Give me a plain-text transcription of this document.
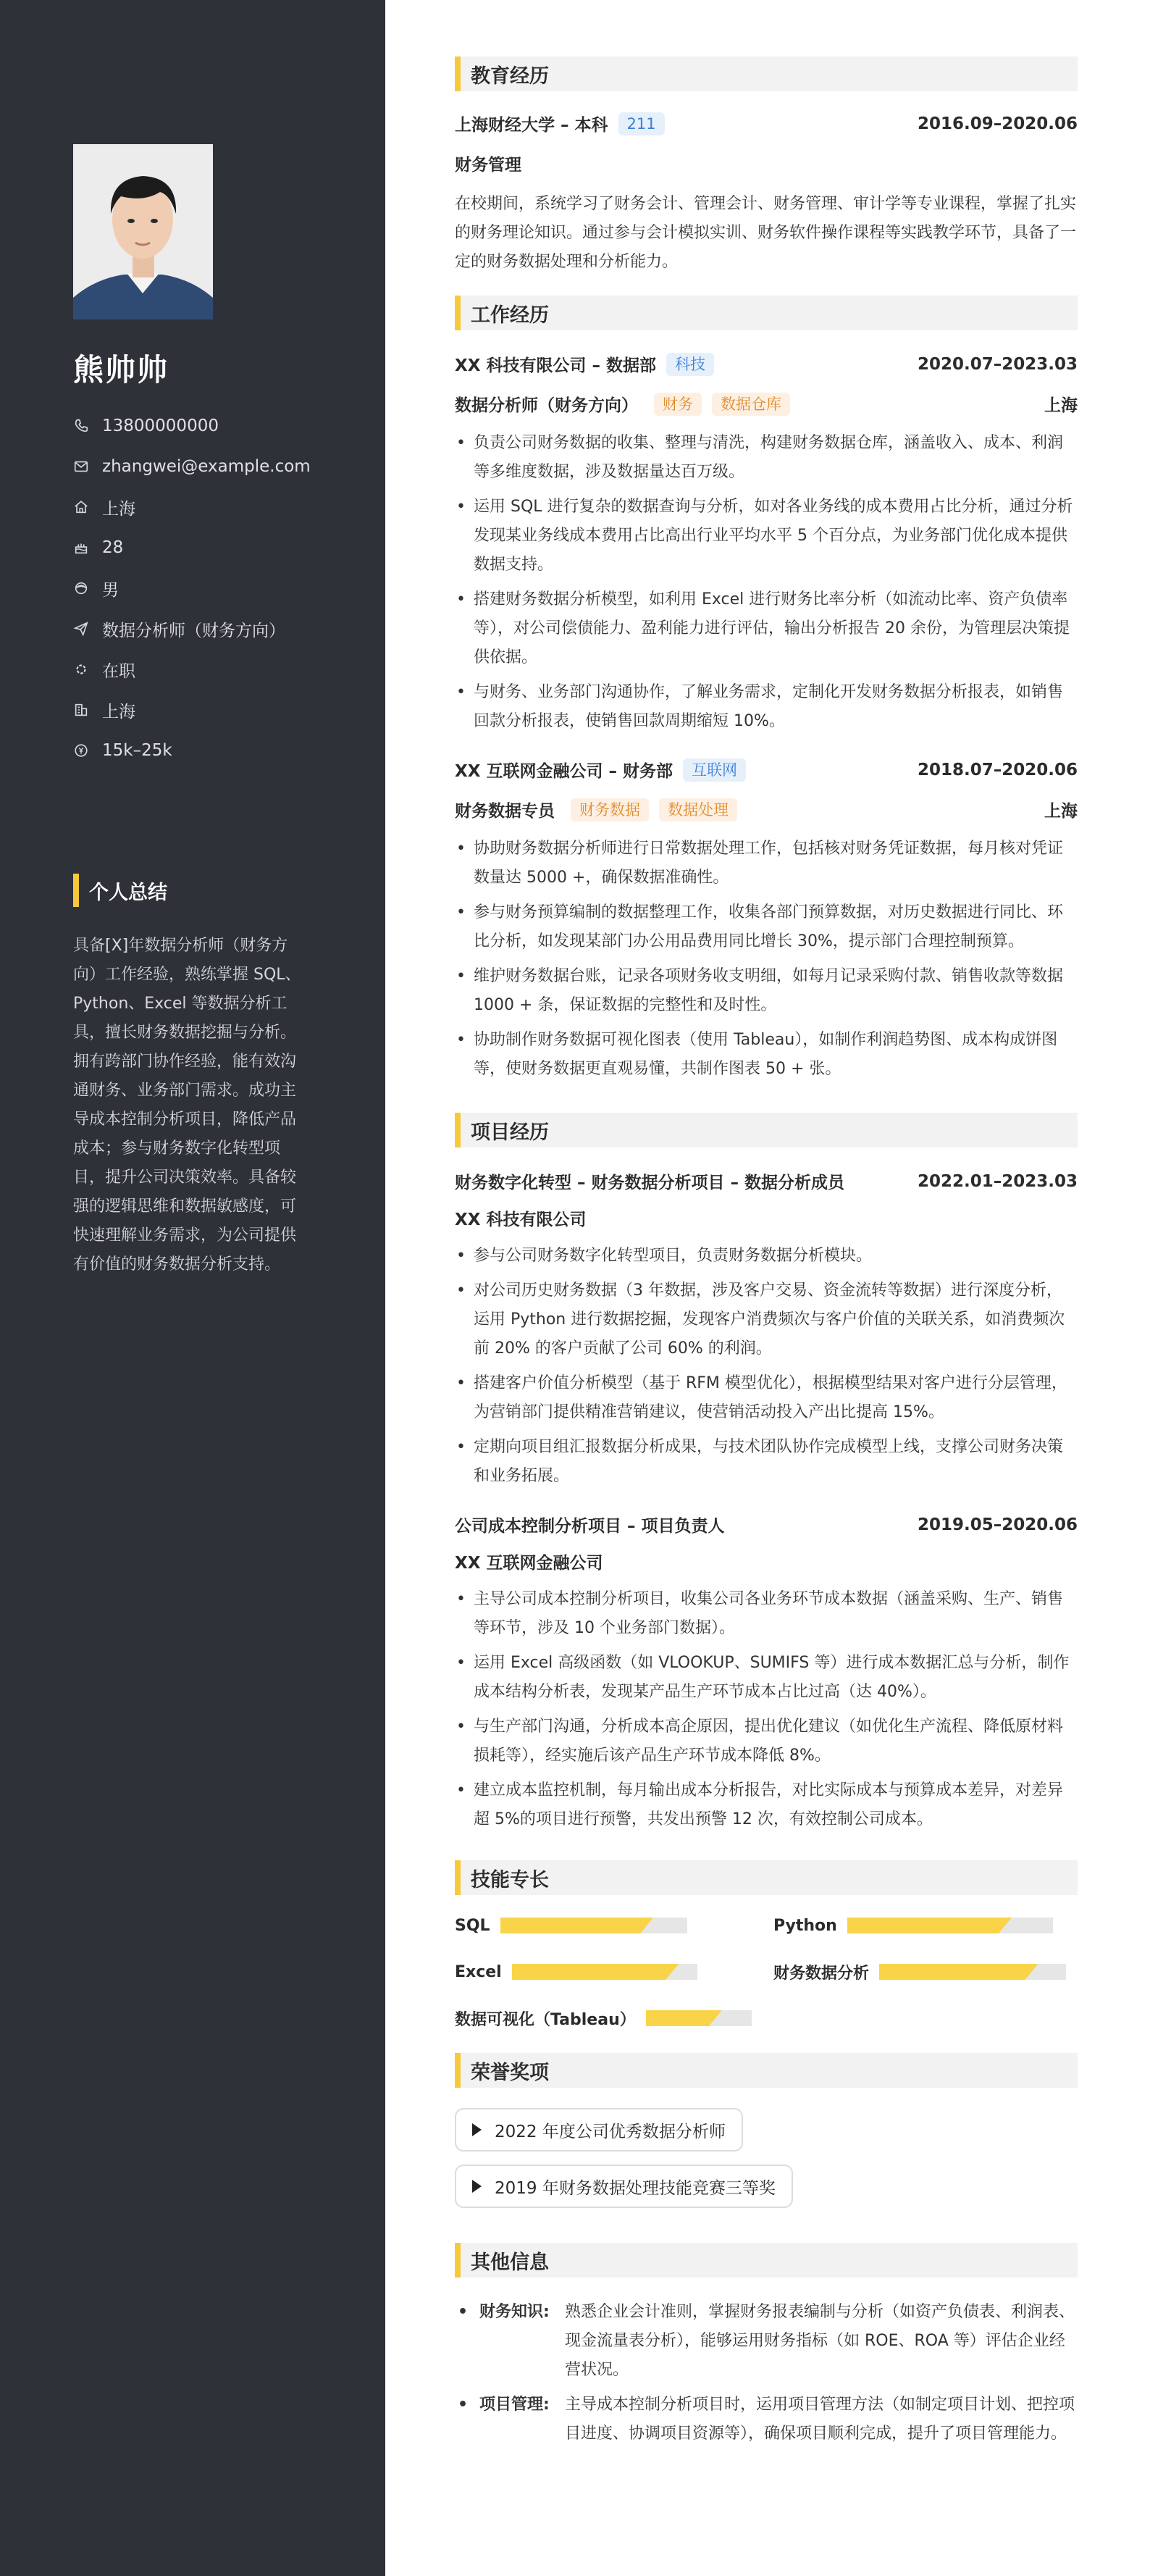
熊帅帅
13800000000
zhangwei@example.com
上海
28
男
数据分析师（财务方向）
在职
上海
15k–25k
个人总结
具备[X]年数据分析师（财务方向）工作经验，熟练掌握 SQL、Python、Excel 等数据分析工具，擅长财务数据挖掘与分析。拥有跨部门协作经验，能有效沟通财务、业务部门需求。成功主导成本控制分析项目，降低产品成本；参与财务数字化转型项目，提升公司决策效率。具备较强的逻辑思维和数据敏感度，可快速理解业务需求，为公司提供有价值的财务数据分析支持。
教育经历
上海财经大学 – 本科	211	2016.09–2020.06
财务管理
在校期间，系统学习了财务会计、管理会计、财务管理、审计学等专业课程，掌握了扎实的财务理论知识。通过参与会计模拟实训、财务软件操作课程等实践教学环节，具备了一定的财务数据处理和分析能力。
工作经历
XX 科技有限公司 – 数据部	科技	2020.07–2023.03
数据分析师（财务方向）	财务	数据仓库	上海
• 负责公司财务数据的收集、整理与清洗，构建财务数据仓库，涵盖收入、成本、利润等多维度数据，涉及数据量达百万级。
• 运用 SQL 进行复杂的数据查询与分析，如对各业务线的成本费用占比分析，通过分析发现某业务线成本费用占比高出行业平均水平 5 个百分点，为业务部门优化成本提供数据支持。
• 搭建财务数据分析模型，如利用 Excel 进行财务比率分析（如流动比率、资产负债率等），对公司偿债能力、盈利能力进行评估，输出分析报告 20 余份，为管理层决策提供依据。
• 与财务、业务部门沟通协作，了解业务需求，定制化开发财务数据分析报表，如销售回款分析报表，使销售回款周期缩短 10%。
XX 互联网金融公司 – 财务部	互联网	2018.07–2020.06
财务数据专员	财务数据	数据处理	上海
• 协助财务数据分析师进行日常数据处理工作，包括核对财务凭证数据，每月核对凭证数量达 5000 +，确保数据准确性。
• 参与财务预算编制的数据整理工作，收集各部门预算数据，对历史数据进行同比、环比分析，如发现某部门办公用品费用同比增长 30%，提示部门合理控制预算。
• 维护财务数据台账，记录各项财务收支明细，如每月记录采购付款、销售收款等数据 1000 + 条，保证数据的完整性和及时性。
• 协助制作财务数据可视化图表（使用 Tableau），如制作利润趋势图、成本构成饼图等，使财务数据更直观易懂，共制作图表 50 + 张。
项目经历
财务数字化转型 – 财务数据分析项目 – 数据分析成员	2022.01–2023.03
XX 科技有限公司
• 参与公司财务数字化转型项目，负责财务数据分析模块。
• 对公司历史财务数据（3 年数据，涉及客户交易、资金流转等数据）进行深度分析，运用 Python 进行数据挖掘，发现客户消费频次与客户价值的关联关系，如消费频次前 20% 的客户贡献了公司 60% 的利润。
• 搭建客户价值分析模型（基于 RFM 模型优化），根据模型结果对客户进行分层管理，为营销部门提供精准营销建议，使营销活动投入产出比提高 15%。
• 定期向项目组汇报数据分析成果，与技术团队协作完成模型上线，支撑公司财务决策和业务拓展。
公司成本控制分析项目 – 项目负责人	2019.05–2020.06
XX 互联网金融公司
• 主导公司成本控制分析项目，收集公司各业务环节成本数据（涵盖采购、生产、销售等环节，涉及 10 个业务部门数据）。
• 运用 Excel 高级函数（如 VLOOKUP、SUMIFS 等）进行成本数据汇总与分析，制作成本结构分析表，发现某产品生产环节成本占比过高（达 40%）。
• 与生产部门沟通，分析成本高企原因，提出优化建议（如优化生产流程、降低原材料损耗等），经实施后该产品生产环节成本降低 8%。
• 建立成本监控机制，每月输出成本分析报告，对比实际成本与预算成本差异，对差异超 5%的项目进行预警，共发出预警 12 次，有效控制公司成本。
技能专长
SQL	Python
Excel	财务数据分析
数据可视化（Tableau）
荣誉奖项
2022 年度公司优秀数据分析师

2019 年财务数据处理技能竞赛三等奖
其他信息
• 财务知识: 熟悉企业会计准则，掌握财务报表编制与分析（如资产负债表、利润表、现金流量表分析），能够运用财务指标（如 ROE、ROA 等）评估企业经营状况。
• 项目管理: 主导成本控制分析项目时，运用项目管理方法（如制定项目计划、把控项目进度、协调项目资源等），确保项目顺利完成，提升了项目管理能力。
